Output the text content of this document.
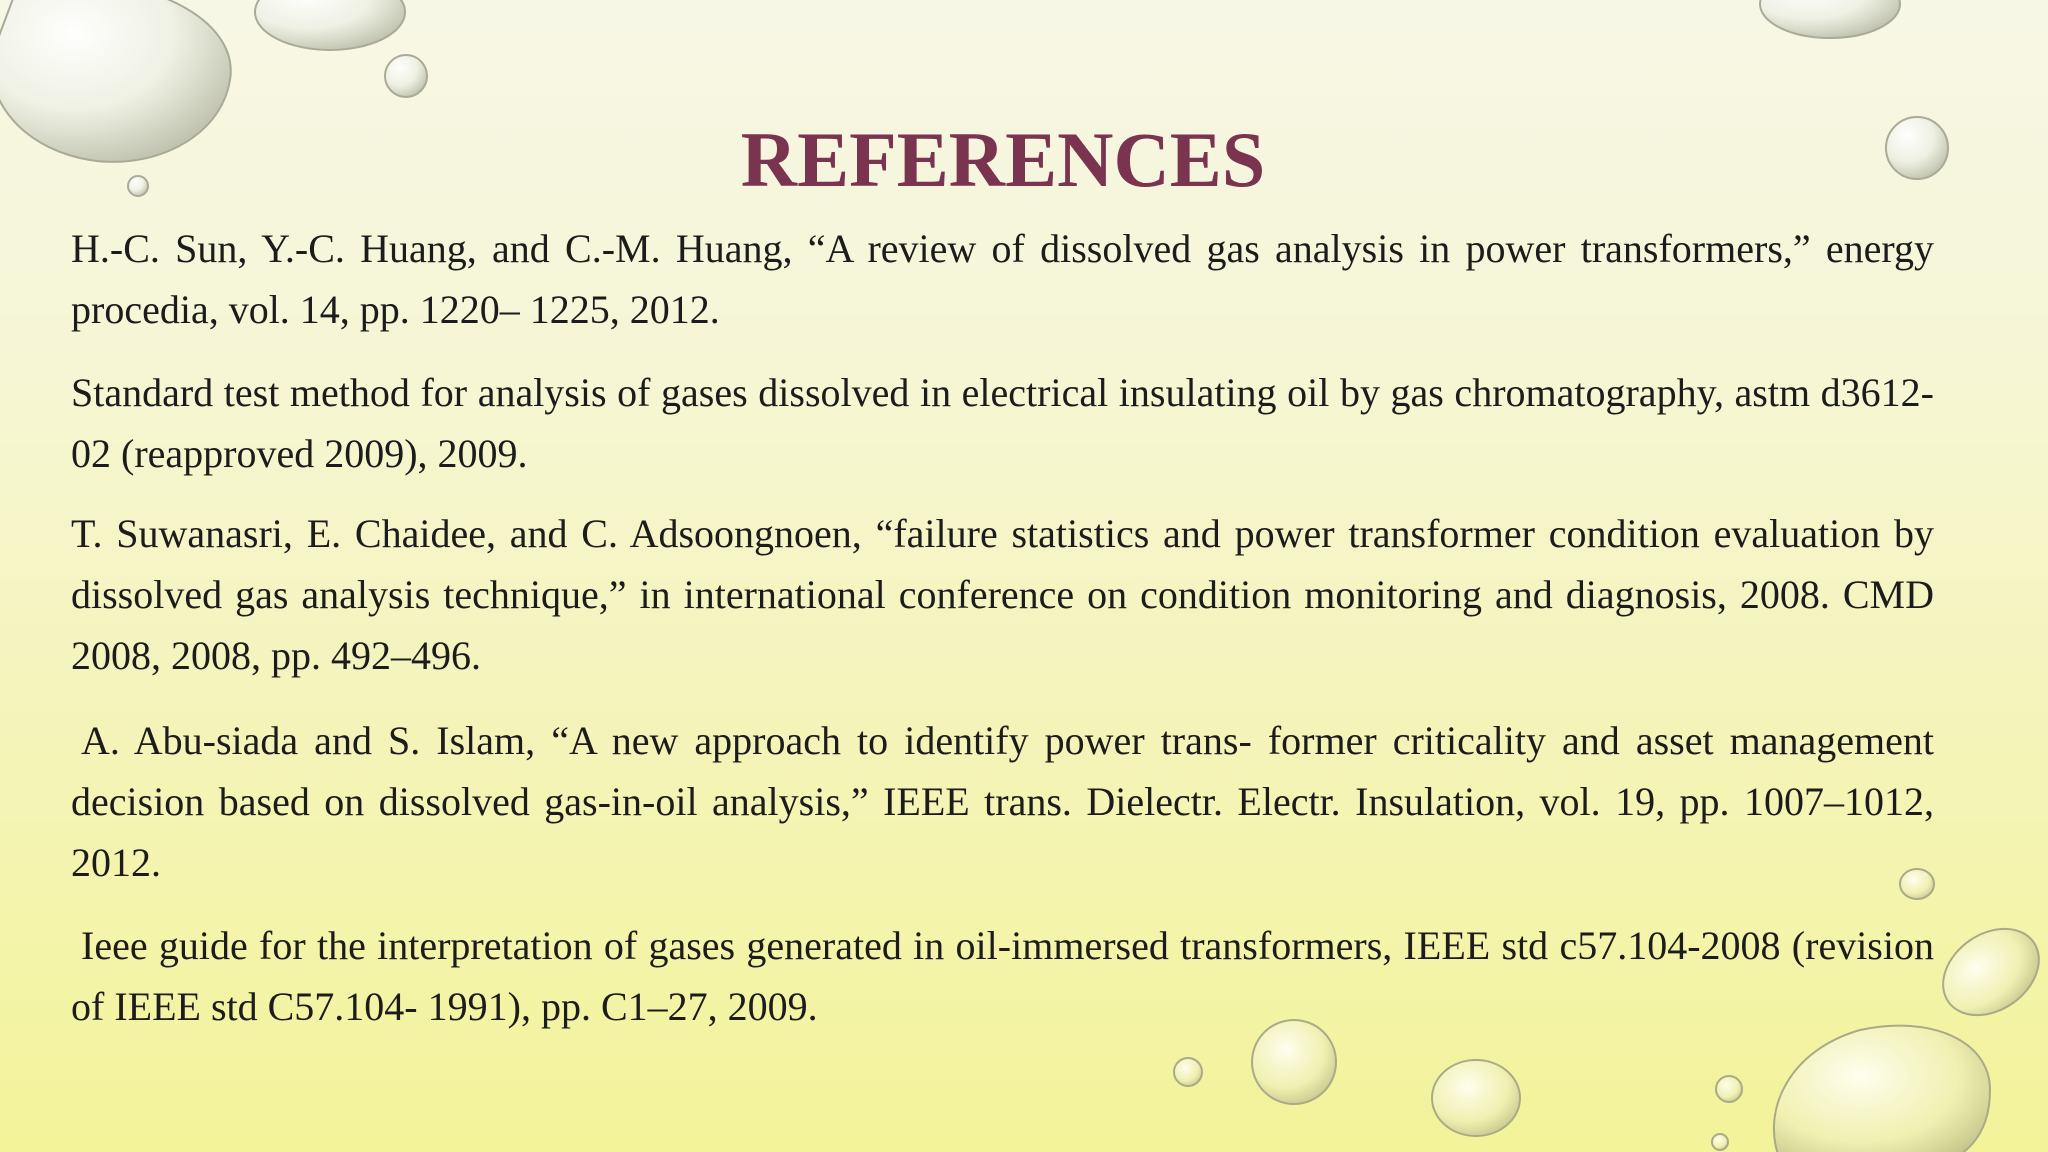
REFERENCES

H.-C. Sun, Y.-C. Huang, and C.-M. Huang, “A review of dissolved gas analysis in power transformers,” energy procedia, vol. 14, pp. 1220– 1225, 2012.

Standard test method for analysis of gases dissolved in electrical insulating oil by gas chromatography, astm d3612-02 (reapproved 2009), 2009.

T. Suwanasri, E. Chaidee, and C. Adsoongnoen, “failure statistics and power transformer condition evaluation by dissolved gas analysis technique,” in international conference on condition monitoring and diagnosis, 2008. CMD 2008, 2008, pp. 492–496.

A. Abu-siada and S. Islam, “A new approach to identify power trans- former criticality and asset management decision based on dissolved gas-in-oil analysis,” IEEE trans. Dielectr. Electr. Insulation, vol. 19, pp. 1007–1012, 2012.

Ieee guide for the interpretation of gases generated in oil-immersed transformers, IEEE std c57.104-2008 (revision of IEEE std C57.104- 1991), pp. C1–27, 2009.
